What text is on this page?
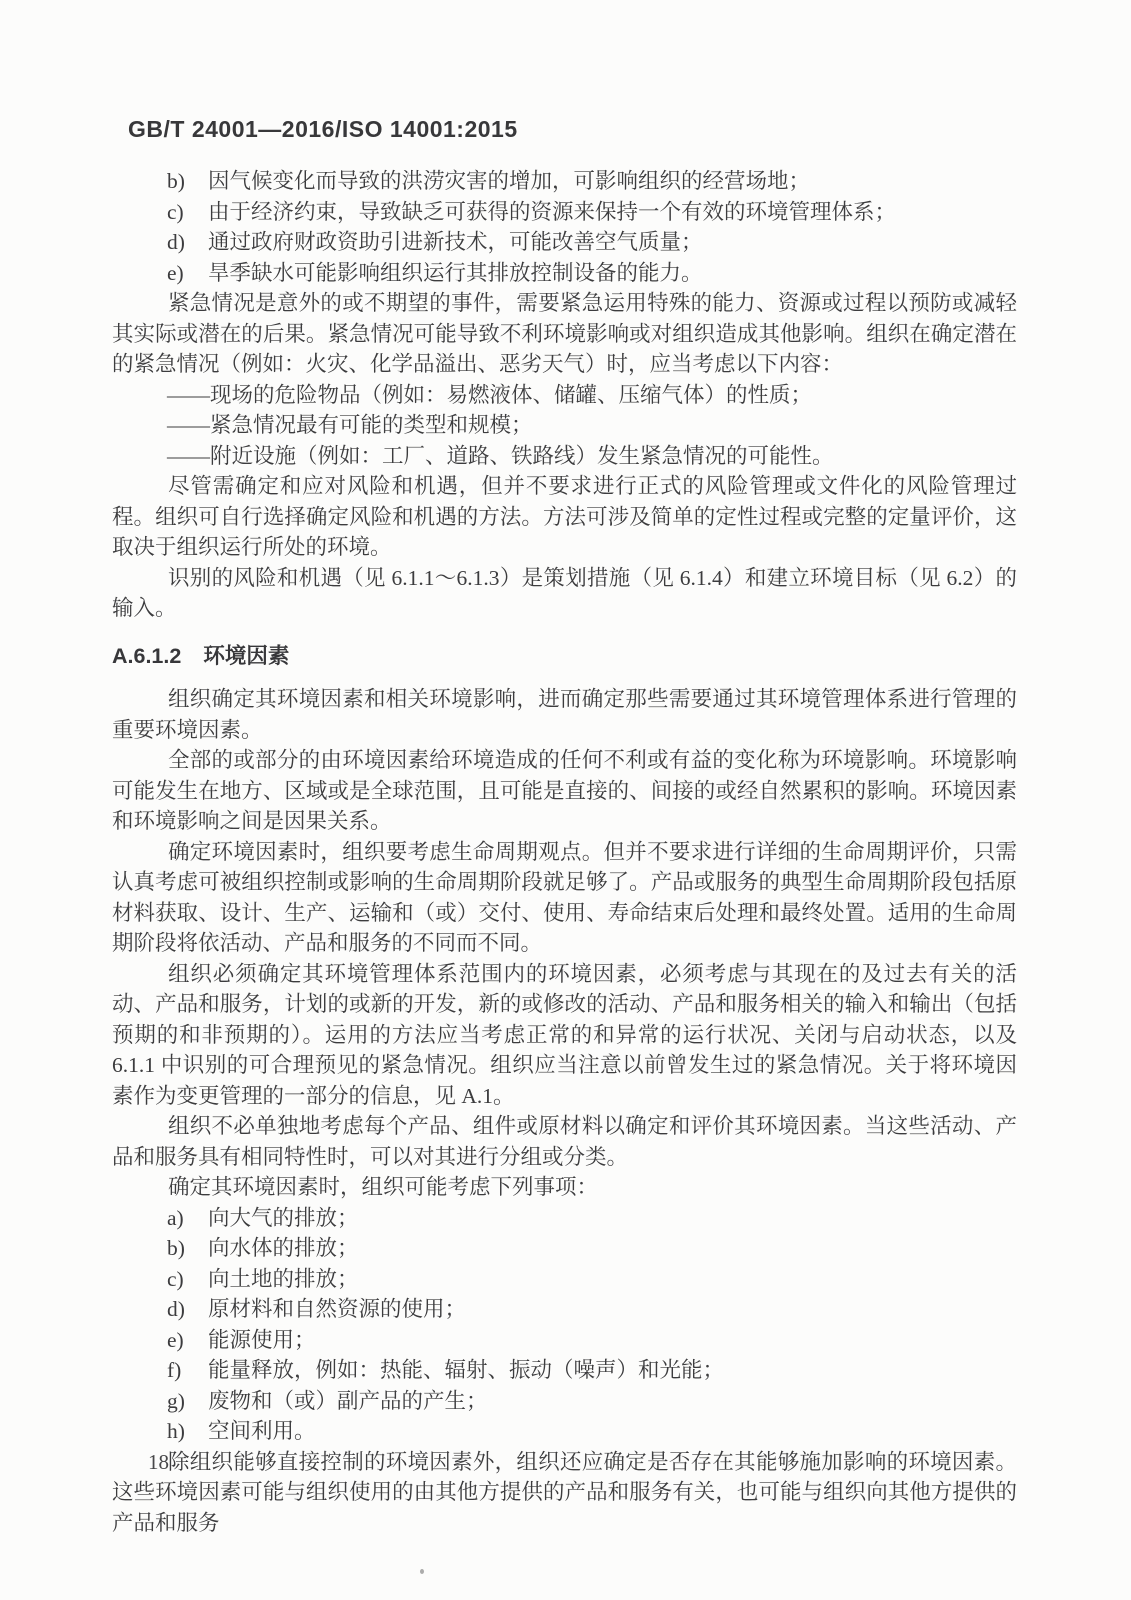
GB/T 24001—2016/ISO 14001:2015
b) 因气候变化而导致的洪涝灾害的增加，可影响组织的经营场地；
c) 由于经济约束，导致缺乏可获得的资源来保持一个有效的环境管理体系；
d) 通过政府财政资助引进新技术，可能改善空气质量；
e) 旱季缺水可能影响组织运行其排放控制设备的能力。

紧急情况是意外的或不期望的事件，需要紧急运用特殊的能力、资源或过程以预防或减轻其实际或潜在的后果。紧急情况可能导致不利环境影响或对组织造成其他影响。组织在确定潜在的紧急情况（例如：火灾、化学品溢出、恶劣天气）时，应当考虑以下内容：

——现场的危险物品（例如：易燃液体、储罐、压缩气体）的性质；
——紧急情况最有可能的类型和规模；
——附近设施（例如：工厂、道路、铁路线）发生紧急情况的可能性。

尽管需确定和应对风险和机遇，但并不要求进行正式的风险管理或文件化的风险管理过程。组织可自行选择确定风险和机遇的方法。方法可涉及简单的定性过程或完整的定量评价，这取决于组织运行所处的环境。

识别的风险和机遇（见 6.1.1～6.1.3）是策划措施（见 6.1.4）和建立环境目标（见 6.2）的输入。

A.6.1.2 环境因素

组织确定其环境因素和相关环境影响，进而确定那些需要通过其环境管理体系进行管理的重要环境因素。

全部的或部分的由环境因素给环境造成的任何不利或有益的变化称为环境影响。环境影响可能发生在地方、区域或是全球范围，且可能是直接的、间接的或经自然累积的影响。环境因素和环境影响之间是因果关系。

确定环境因素时，组织要考虑生命周期观点。但并不要求进行详细的生命周期评价，只需认真考虑可被组织控制或影响的生命周期阶段就足够了。产品或服务的典型生命周期阶段包括原材料获取、设计、生产、运输和（或）交付、使用、寿命结束后处理和最终处置。适用的生命周期阶段将依活动、产品和服务的不同而不同。

组织必须确定其环境管理体系范围内的环境因素，必须考虑与其现在的及过去有关的活动、产品和服务，计划的或新的开发，新的或修改的活动、产品和服务相关的输入和输出（包括预期的和非预期的）。运用的方法应当考虑正常的和异常的运行状况、关闭与启动状态，以及 6.1.1 中识别的可合理预见的紧急情况。组织应当注意以前曾发生过的紧急情况。关于将环境因素作为变更管理的一部分的信息，见 A.1。

组织不必单独地考虑每个产品、组件或原材料以确定和评价其环境因素。当这些活动、产品和服务具有相同特性时，可以对其进行分组或分类。

确定其环境因素时，组织可能考虑下列事项：

a) 向大气的排放；
b) 向水体的排放；
c) 向土地的排放；
d) 原材料和自然资源的使用；
e) 能源使用；
f) 能量释放，例如：热能、辐射、振动（噪声）和光能；
g) 废物和（或）副产品的产生；
h) 空间利用。

除组织能够直接控制的环境因素外，组织还应确定是否存在其能够施加影响的环境因素。这些环境因素可能与组织使用的由其他方提供的产品和服务有关，也可能与组织向其他方提供的产品和服务

18
